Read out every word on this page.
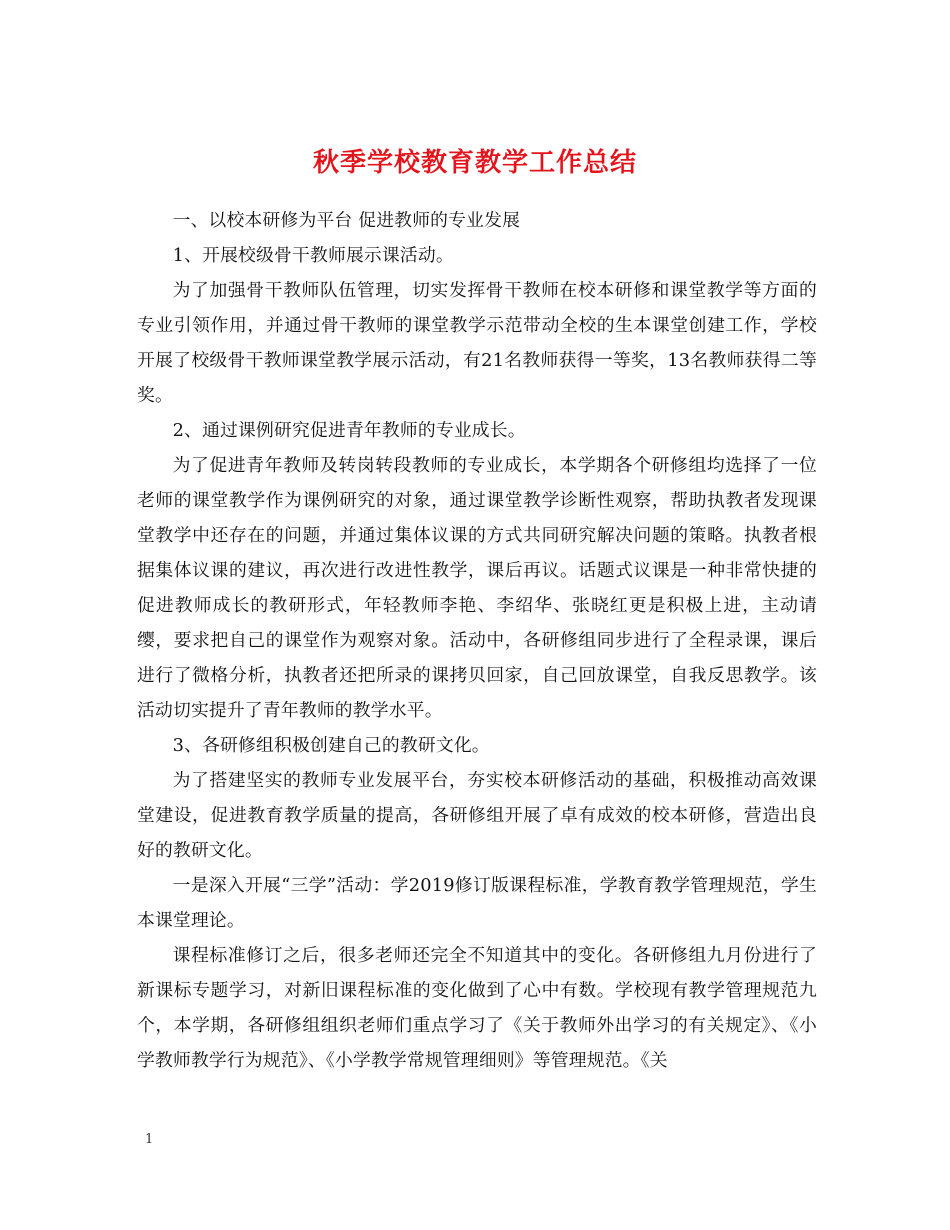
秋季学校教育教学工作总结

一、以校本研修为平台 促进教师的专业发展

1、开展校级骨干教师展示课活动。

为了加强骨干教师队伍管理，切实发挥骨干教师在校本研修和课堂教学等方面的专业引领作用，并通过骨干教师的课堂教学示范带动全校的生本课堂创建工作，学校开展了校级骨干教师课堂教学展示活动，有21名教师获得一等奖，13名教师获得二等奖。

2、通过课例研究促进青年教师的专业成长。

为了促进青年教师及转岗转段教师的专业成长，本学期各个研修组均选择了一位老师的课堂教学作为课例研究的对象，通过课堂教学诊断性观察，帮助执教者发现课堂教学中还存在的问题，并通过集体议课的方式共同研究解决问题的策略。执教者根据集体议课的建议，再次进行改进性教学，课后再议。话题式议课是一种非常快捷的促进教师成长的教研形式，年轻教师李艳、李绍华、张晓红更是积极上进，主动请缨，要求把自己的课堂作为观察对象。活动中，各研修组同步进行了全程录课，课后进行了微格分析，执教者还把所录的课拷贝回家，自己回放课堂，自我反思教学。该活动切实提升了青年教师的教学水平。

3、各研修组积极创建自己的教研文化。

为了搭建坚实的教师专业发展平台，夯实校本研修活动的基础，积极推动高效课堂建设，促进教育教学质量的提高，各研修组开展了卓有成效的校本研修，营造出良好的教研文化。

一是深入开展“三学”活动：学2019修订版课程标准，学教育教学管理规范，学生本课堂理论。

课程标准修订之后，很多老师还完全不知道其中的变化。各研修组九月份进行了新课标专题学习，对新旧课程标准的变化做到了心中有数。学校现有教学管理规范九个，本学期，各研修组组织老师们重点学习了《关于教师外出学习的有关规定》、《小学教师教学行为规范》、《小学教学常规管理细则》等管理规范。《关

1
